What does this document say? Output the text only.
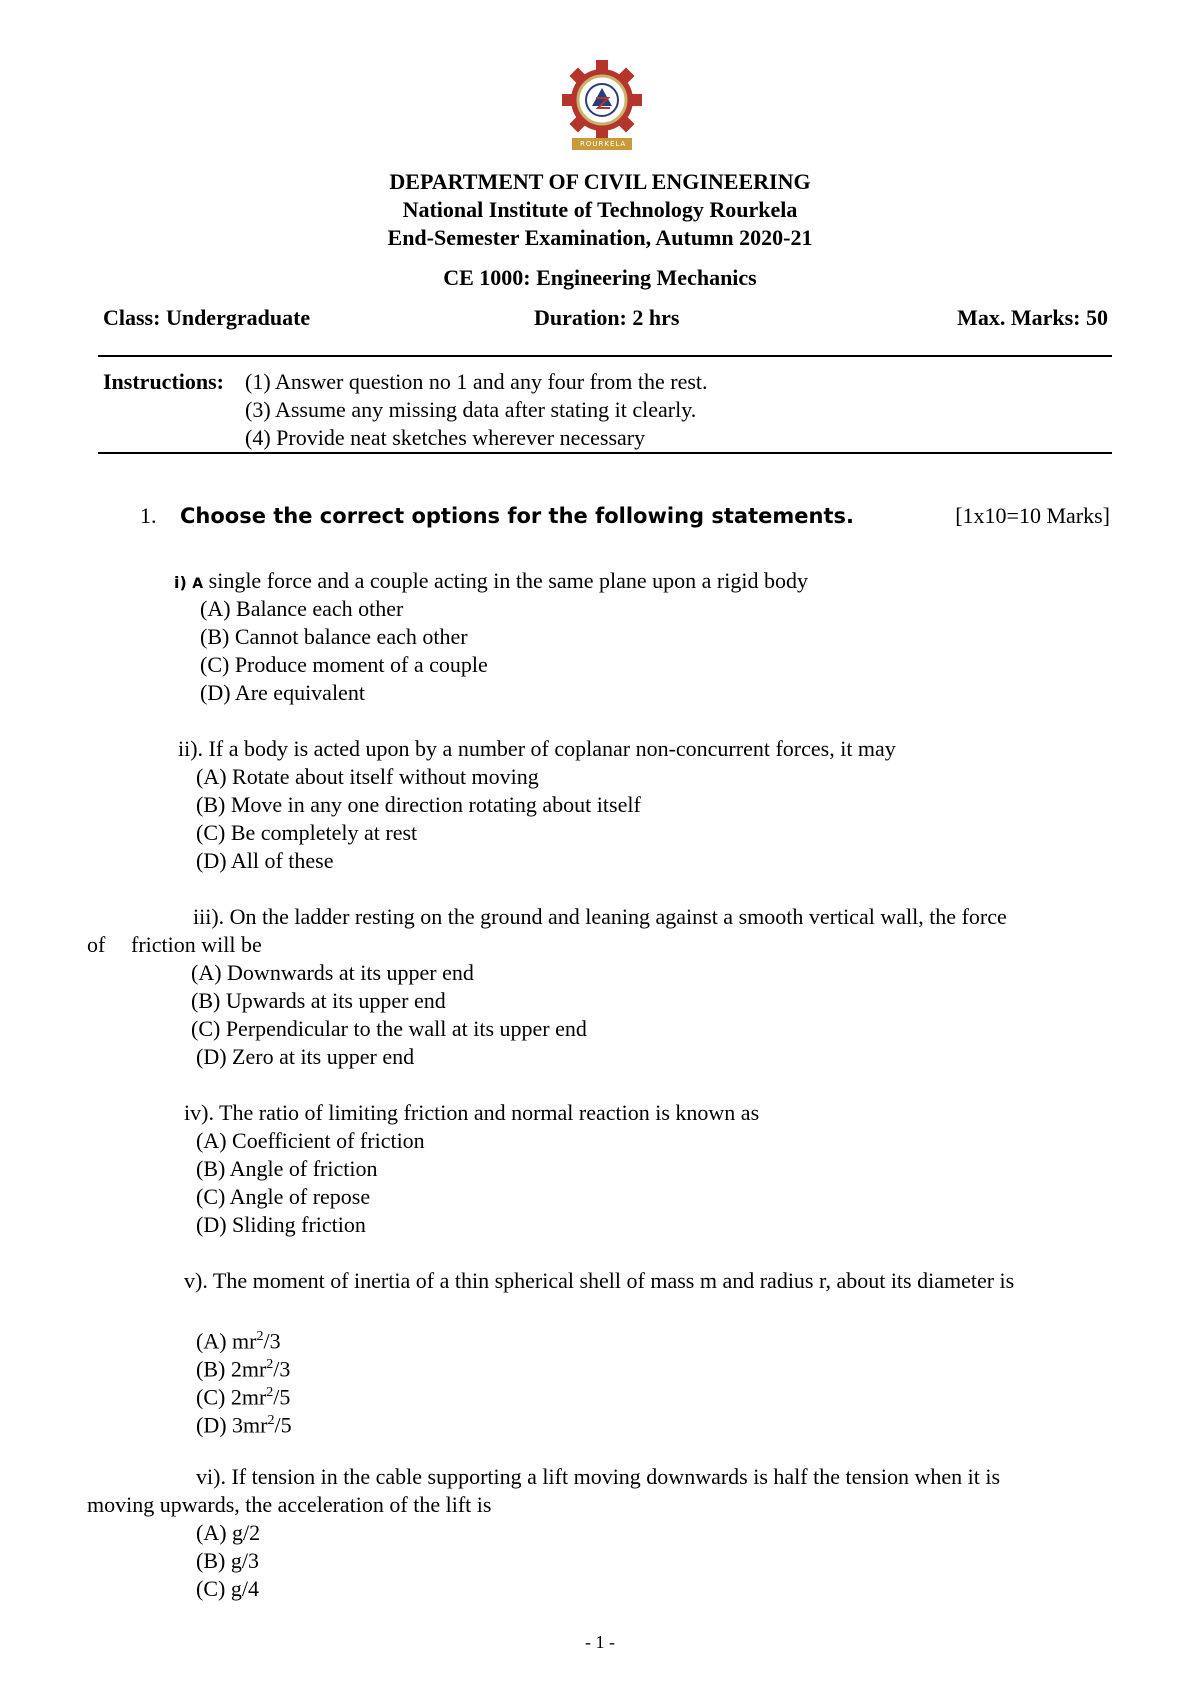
ROURKELA
DEPARTMENT OF CIVIL ENGINEERING
National Institute of Technology Rourkela
End-Semester Examination, Autumn 2020-21
CE 1000: Engineering Mechanics
Class: Undergraduate	Duration: 2 hrs	Max. Marks: 50
Instructions: (1) Answer question no 1 and any four from the rest.
(3) Assume any missing data after stating it clearly.
(4) Provide neat sketches wherever necessary
1. Choose the correct options for the following statements.	[1x10=10 Marks]
i) A single force and a couple acting in the same plane upon a rigid body
(A) Balance each other
(B) Cannot balance each other
(C) Produce moment of a couple
(D) Are equivalent
ii). If a body is acted upon by a number of coplanar non-concurrent forces, it may
(A) Rotate about itself without moving
(B) Move in any one direction rotating about itself
(C) Be completely at rest
(D) All of these
iii). On the ladder resting on the ground and leaning against a smooth vertical wall, the force
of friction will be
(A) Downwards at its upper end
(B) Upwards at its upper end
(C) Perpendicular to the wall at its upper end
(D) Zero at its upper end
iv). The ratio of limiting friction and normal reaction is known as
(A) Coefficient of friction
(B) Angle of friction
(C) Angle of repose
(D) Sliding friction
v). The moment of inertia of a thin spherical shell of mass m and radius r, about its diameter is
(A) $mr^2/3$
(B) $2mr^2/3$
(C) $2mr^2/5$
(D) $3mr^2/5$
vi). If tension in the cable supporting a lift moving downwards is half the tension when it is
moving upwards, the acceleration of the lift is
(A) g/2
(B) g/3
(C) g/4
- 1 -
